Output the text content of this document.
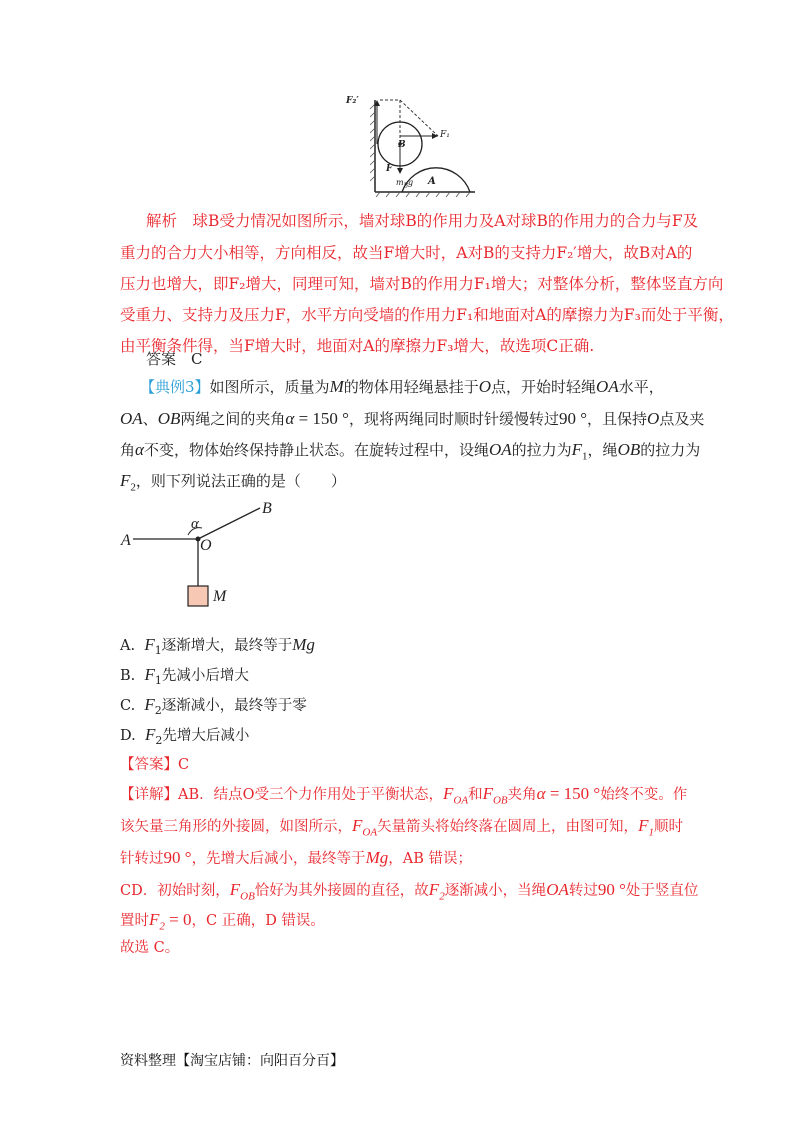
F₂′
F₁
B
F
$m_Bg$ A
解析　球B受力情况如图所示，墙对球B的作用力及A对球B的作用力的合力与F及
重力的合力大小相等，方向相反，故当F增大时，A对B的支持力F₂′增大，故B对A的
压力也增大，即F₂增大，同理可知，墙对B的作用力F₁增大；对整体分析，整体竖直方向
受重力、支持力及压力F，水平方向受墙的作用力F₁和地面对A的摩擦力为F₃而处于平衡，
由平衡条件得，当F增大时，地面对A的摩擦力F₃增大，故选项C正确.
答案　C
【典例3】如图所示，质量为M的物体用轻绳悬挂于O点，开始时轻绳OA水平，
OA、OB两绳之间的夹角α = 150 °，现将两绳同时顺时针缓慢转过90 °，且保持O点及夹
角α不变，物体始终保持静止状态。在旋转过程中，设绳OA的拉力为$F_1$，绳OB的拉力为
$F_2$，则下列说法正确的是（　　）
A
B
O
α
M
A. $F_1$逐渐增大，最终等于Mg
B. $F_1$先减小后增大
C. $F_2$逐渐减小，最终等于零
D. $F_2$先增大后减小
【答案】C
【详解】AB．结点O受三个力作用处于平衡状态，$F_{OA}$和$F_{OB}$夹角α = 150 °始终不变。作
该矢量三角形的外接圆，如图所示，$F_{OA}$矢量箭头将始终落在圆周上，由图可知，$F_1$顺时
针转过90 °，先增大后减小，最终等于Mg，AB 错误；
CD．初始时刻，$F_{OB}$恰好为其外接圆的直径，故$F_2$逐渐减小，当绳OA转过90 °处于竖直位
置时$F_2 = 0$，C 正确，D 错误。
故选 C。
资料整理【淘宝店铺：向阳百分百】
